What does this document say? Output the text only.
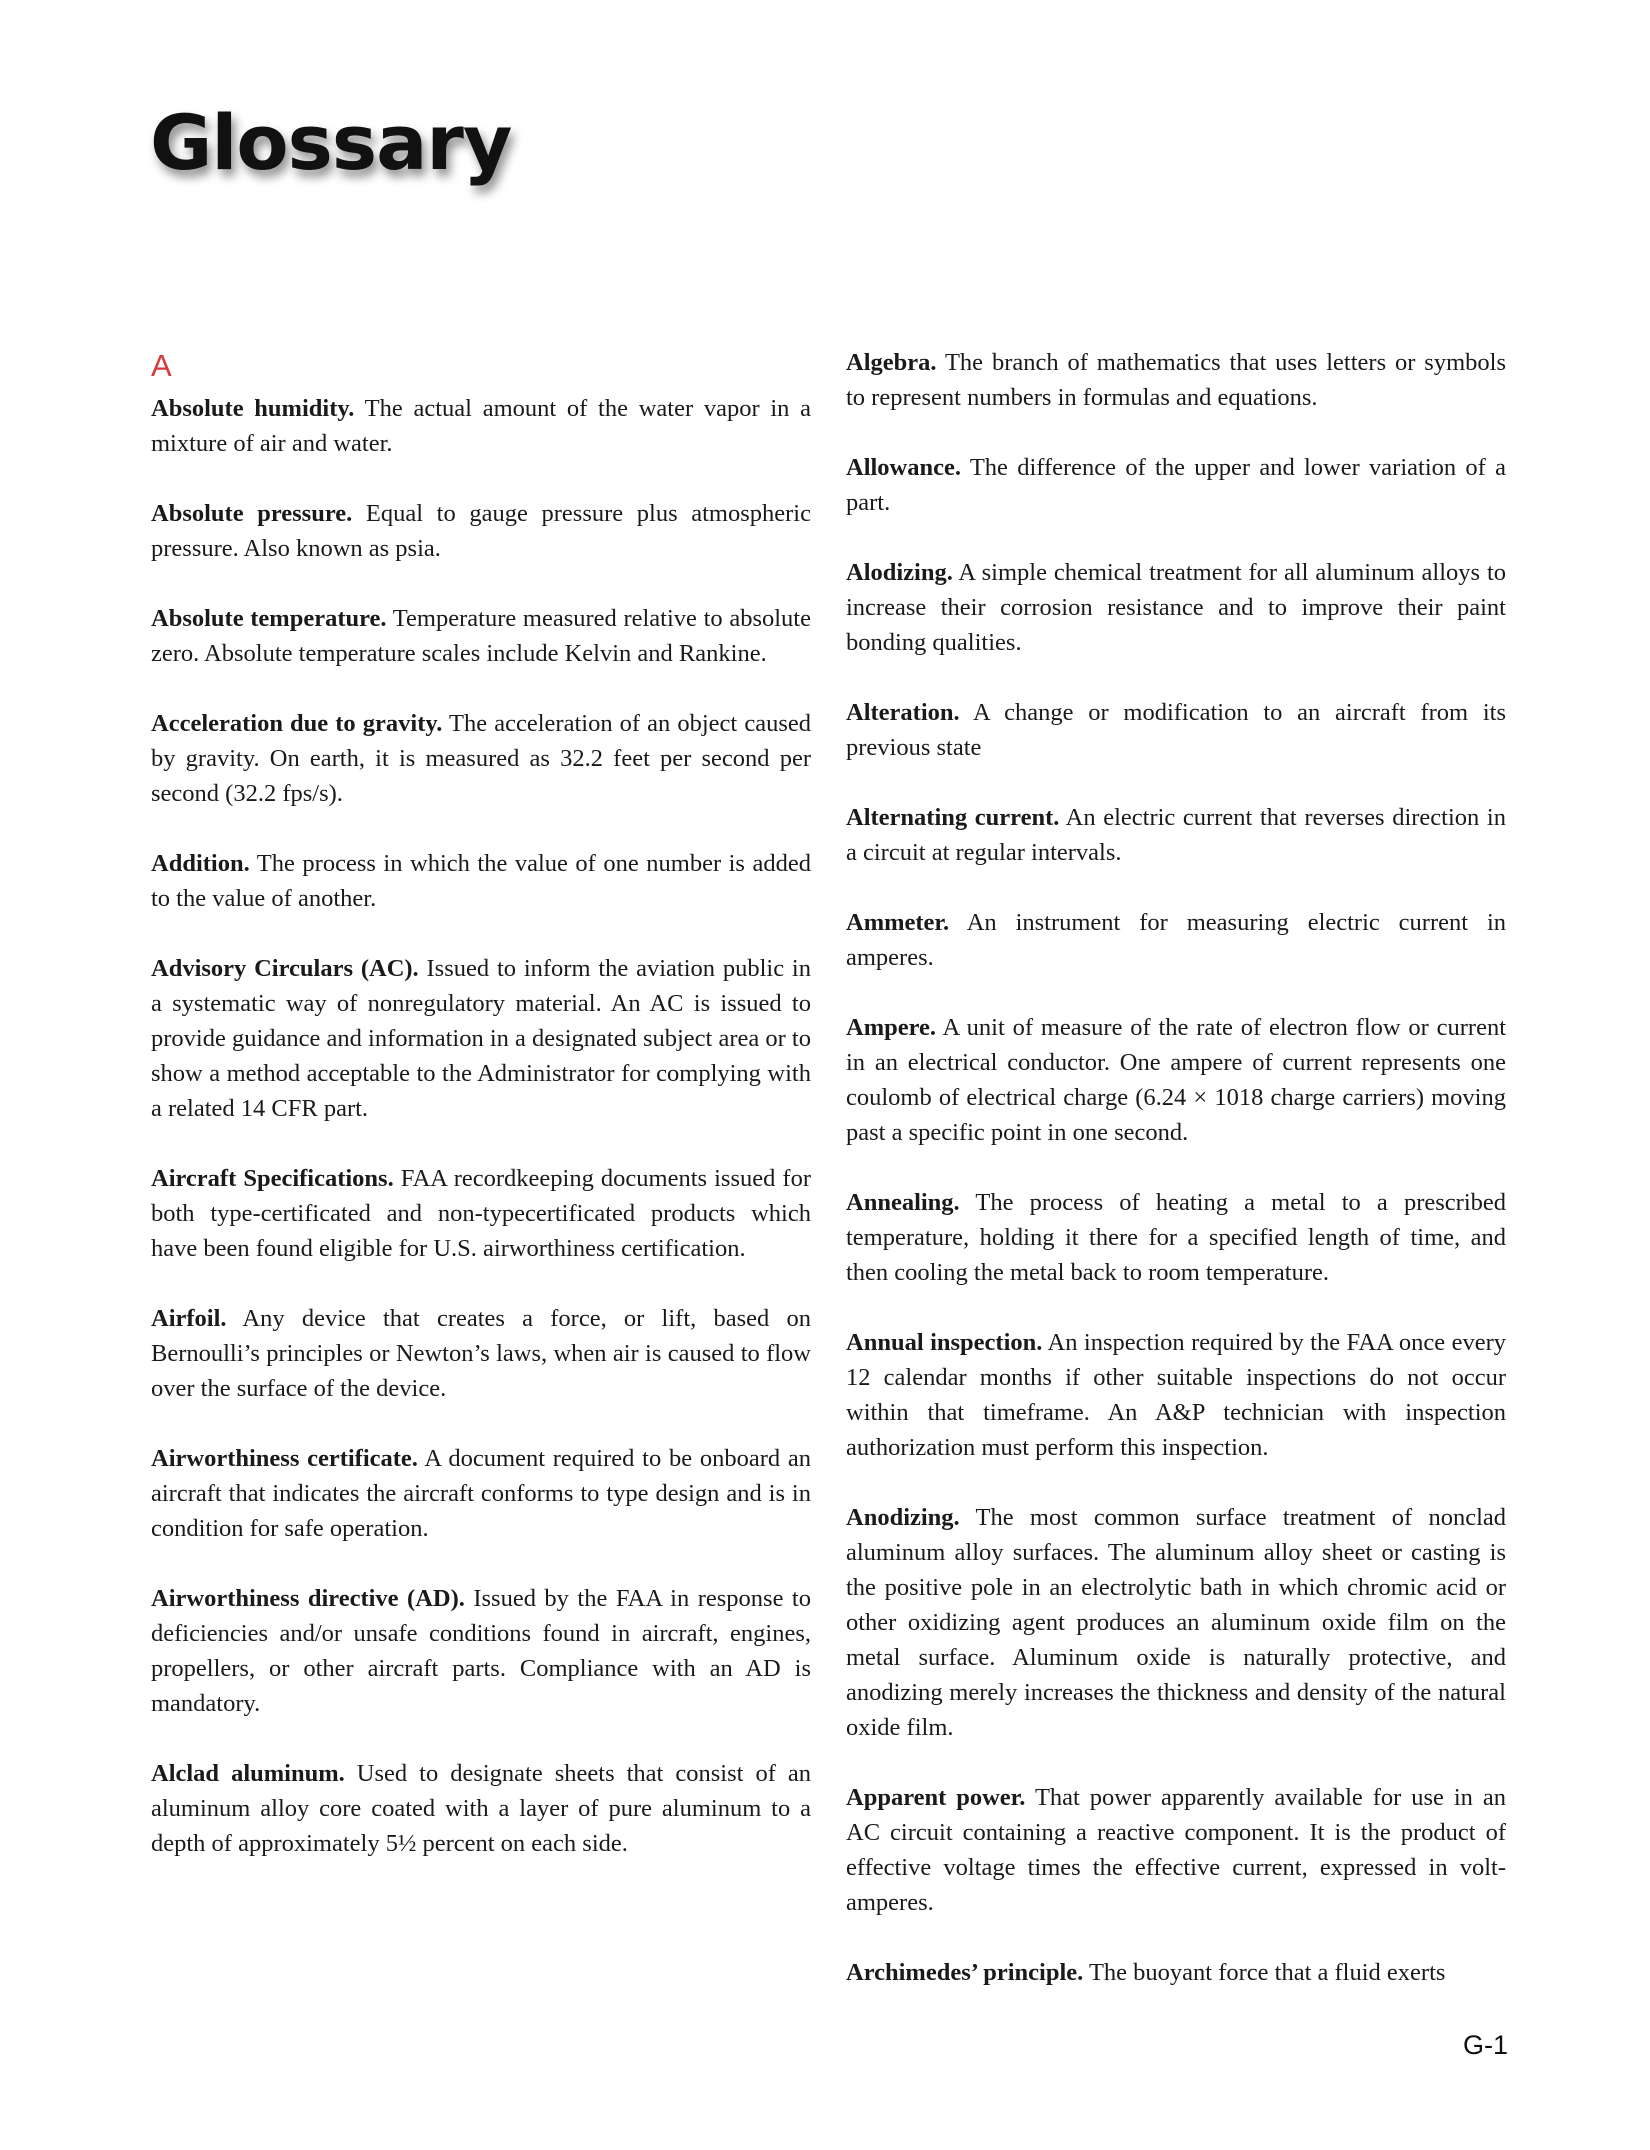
Glossary
A

Absolute humidity. The actual amount of the water vapor in a mixture of air and water.

Absolute pressure. Equal to gauge pressure plus atmospheric pressure. Also known as psia.

Absolute temperature. Temperature measured relative to absolute zero. Absolute temperature scales include Kelvin and Rankine.

Acceleration due to gravity. The acceleration of an object caused by gravity. On earth, it is measured as 32.2 feet per second per second (32.2 fps/s).

Addition. The process in which the value of one number is added to the value of another.

Advisory Circulars (AC). Issued to inform the aviation public in a systematic way of nonregulatory material. An AC is issued to provide guidance and information in a designated subject area or to show a method acceptable to the Administrator for complying with a related 14 CFR part.

Aircraft Specifications. FAA recordkeeping documents issued for both type-certificated and non-typecertificated products which have been found eligible for U.S. airworthiness certification.

Airfoil. Any device that creates a force, or lift, based on Bernoulli’s principles or Newton’s laws, when air is caused to flow over the surface of the device.

Airworthiness certificate. A document required to be onboard an aircraft that indicates the aircraft conforms to type design and is in condition for safe operation.

Airworthiness directive (AD). Issued by the FAA in response to deficiencies and/or unsafe conditions found in aircraft, engines, propellers, or other aircraft parts. Compliance with an AD is mandatory.

Alclad aluminum. Used to designate sheets that consist of an aluminum alloy core coated with a layer of pure aluminum to a depth of approximately 5½ percent on each side.

Algebra. The branch of mathematics that uses letters or symbols to represent numbers in formulas and equations.

Allowance. The difference of the upper and lower variation of a part.

Alodizing. A simple chemical treatment for all aluminum alloys to increase their corrosion resistance and to improve their paint bonding qualities.

Alteration. A change or modification to an aircraft from its previous state

Alternating current. An electric current that reverses direction in a circuit at regular intervals.

Ammeter. An instrument for measuring electric current in amperes.

Ampere. A unit of measure of the rate of electron flow or current in an electrical conductor. One ampere of current represents one coulomb of electrical charge (6.24 × 1018 charge carriers) moving past a specific point in one second.

Annealing. The process of heating a metal to a prescribed temperature, holding it there for a specified length of time, and then cooling the metal back to room temperature.

Annual inspection. An inspection required by the FAA once every 12 calendar months if other suitable inspections do not occur within that timeframe. An A&P technician with inspection authorization must perform this inspection.

Anodizing. The most common surface treatment of nonclad aluminum alloy surfaces. The aluminum alloy sheet or casting is the positive pole in an electrolytic bath in which chromic acid or other oxidizing agent produces an aluminum oxide film on the metal surface. Aluminum oxide is naturally protective, and anodizing merely increases the thickness and density of the natural oxide film.

Apparent power. That power apparently available for use in an AC circuit containing a reactive component. It is the product of effective voltage times the effective current, expressed in volt-amperes.

Archimedes’ principle. The buoyant force that a fluid exerts

G-1
